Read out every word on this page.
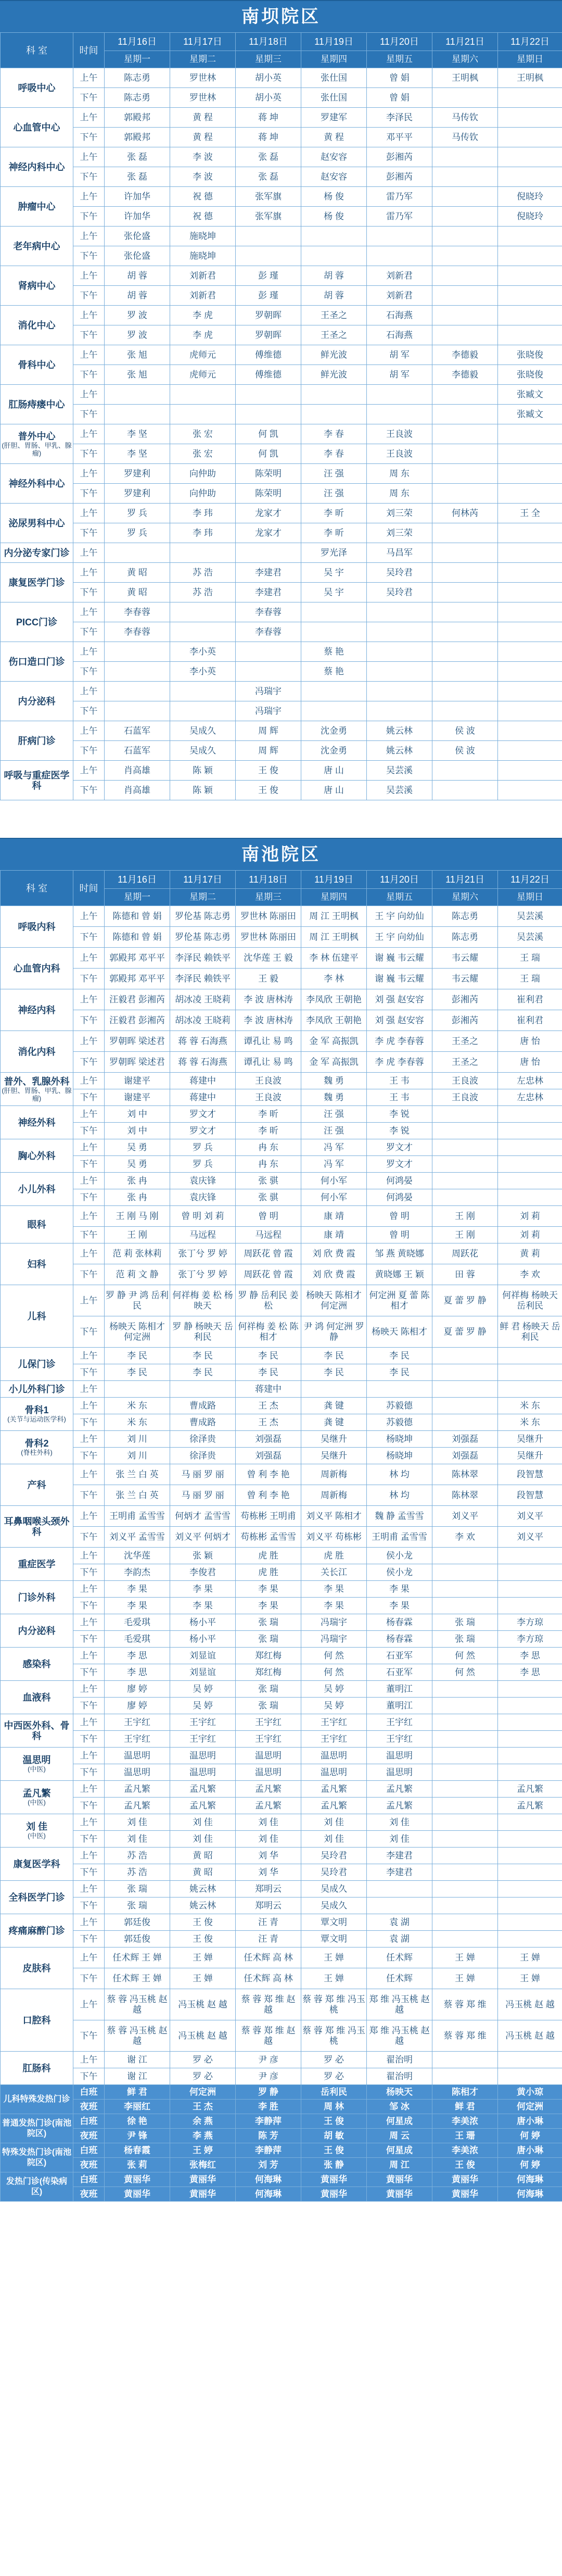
南坝院区
科 室	时间	11月16日	11月17日	11月18日	11月19日	11月20日	11月21日	11月22日
		星期一	星期二	星期三	星期四	星期五	星期六	星期日
呼吸中心	上午	陈志勇	罗世林	胡小英	张仕国	曾 娟	王明枫	王明枫
	下午	陈志勇	罗世林	胡小英	张仕国	曾 娟		
心血管中心	上午	郭殿邦	黄 程	蒋 坤	罗建军	李泽民	马传钦	
	下午	郭殿邦	黄 程	蒋 坤	黄 程	邓平平	马传钦	
神经内科中心	上午	张 磊	李 波	张 磊	赵安容	彭湘芮		
	下午	张 磊	李 波	张 磊	赵安容	彭湘芮		
肿瘤中心	上午	许加华	祝 德	张军旗	杨 俊	雷乃军		倪晓玲
	下午	许加华	祝 德	张军旗	杨 俊	雷乃军		倪晓玲
老年病中心	上午	张伦盛	施晓坤					
	下午	张伦盛	施晓坤					
肾病中心	上午	胡 蓉	刘新君	彭 瑾	胡 蓉	刘新君		
	下午	胡 蓉	刘新君	彭 瑾	胡 蓉	刘新君		
消化中心	上午	罗 波	李 虎	罗朝晖	王圣之	石海燕		
	下午	罗 波	李 虎	罗朝晖	王圣之	石海燕		
骨科中心	上午	张 旭	虎师元	傅维德	鲜光波	胡 军	李德毅	张晓俊
	下午	张 旭	虎师元	傅维德	鲜光波	胡 军	李德毅	张晓俊
肛肠痔瘘中心	上午							张臧文
	下午							张臧文
普外中心
(肝胆、胃肠、甲乳、腺瘤)	上午	李 坚	张 宏	何 凯	李 春	王良波		
	下午	李 坚	张 宏	何 凯	李 春	王良波		
神经外科中心	上午	罗建利	向仲助	陈荣明	汪 强	周 东		
	下午	罗建利	向仲助	陈荣明	汪 强	周 东		
泌尿男科中心	上午	罗 兵	李 玮	龙家才	李 昕	刘三荣	何林芮	王 全
	下午	罗 兵	李 玮	龙家才	李 昕	刘三荣		
内分泌专家门诊	上午				罗光泽	马昌军		
康复医学门诊	上午	黄 昭	苏 浩	李建君	吴 宇	吴玲君		
	下午	黄 昭	苏 浩	李建君	吴 宇	吴玲君		
PICC门诊	上午	李春蓉		李春蓉				
	下午	李春蓉		李春蓉				
伤口造口门诊	上午		李小英		蔡 艳			
	下午		李小英		蔡 艳			
内分泌科	上午			冯瑞宇				
	下午			冯瑞宇				
肝病门诊	上午	石蓝军	吴成久	周 辉	沈金勇	姚云林	侯 波	
	下午	石蓝军	吴成久	周 辉	沈金勇	姚云林	侯 波	
呼吸与重症医学科	上午	肖高雄	陈 颖	王 俊	唐 山	吴芸溪		
	下午	肖高雄	陈 颖	王 俊	唐 山	吴芸溪		
南池院区
科 室	时间	11月16日	11月17日	11月18日	11月19日	11月20日	11月21日	11月22日
		星期一	星期二	星期三	星期四	星期五	星期六	星期日
呼吸内科	上午	陈德和 曾 娟	罗伦基 陈志勇	罗世林 陈丽田	周 江 王明枫	王 宇 向幼仙	陈志勇	吴芸溪
	下午	陈德和 曾 娟	罗伦基 陈志勇	罗世林 陈丽田	周 江 王明枫	王 宇 向幼仙	陈志勇	吴芸溪
心血管内科	上午	郭殿邦 邓平平	李泽民 赖铁平	沈华莲 王 毅	李 林 伍建平	谢 巍 韦云耀	韦云耀	王 瑞
	下午	郭殿邦 邓平平	李泽民 赖铁平	王 毅	李 林	谢 巍 韦云耀	韦云耀	王 瑞
神经内科	上午	汪毅君 彭湘芮	胡冰凌 王晓莉	李 波 唐林涛	李凤欣 王朝艳	刘 强 赵安容	彭湘芮	崔利君
	下午	汪毅君 彭湘芮	胡冰凌 王晓莉	李 波 唐林涛	李凤欣 王朝艳	刘 强 赵安容	彭湘芮	崔利君
消化内科	上午	罗朝晖 梁述君	蒋 蓉 石海燕	谭孔让 易 鸣	金 军 高振凯	李 虎 李春蓉	王圣之	唐 怡
	下午	罗朝晖 梁述君	蒋 蓉 石海燕	谭孔让 易 鸣	金 军 高振凯	李 虎 李春蓉	王圣之	唐 怡
普外、乳腺外科
(肝胆、胃肠、甲乳、腺瘤)	上午	谢建平	蒋建中	王良波	魏 勇	王 韦	王良波	左忠林
	下午	谢建平	蒋建中	王良波	魏 勇	王 韦	王良波	左忠林
神经外科	上午	刘 中	罗文才	李 昕	汪 强	李 锐		
	下午	刘 中	罗文才	李 昕	汪 强	李 锐		
胸心外科	上午	吴 勇	罗 兵	冉 东	冯 军	罗文才		
	下午	吴 勇	罗 兵	冉 东	冯 军	罗文才		
小儿外科	上午	张 冉	袁庆锋	张 骐	何小军	何鸿晏		
	下午	张 冉	袁庆锋	张 骐	何小军	何鸿晏		
眼科	上午	王 刚 马 刚	曾 明 刘 莉	曾 明	康 靖	曾 明	王 刚	刘 莉
	下午	王 刚	马远程	马远程	康 靖	曾 明	王 刚	刘 莉
妇科	上午	范 莉 张林莉	张丁兮 罗 婷	周跃花 曾 霞	刘 欣 费 霞	邹 燕 黄晓娜	周跃花	黄 莉
	下午	范 莉 文 静	张丁兮 罗 婷	周跃花 曾 霞	刘 欣 费 霞	黄晓娜 王 颖	田 蓉	李 欢
儿科	上午	罗 静 尹 鸿 岳利民	何祥梅 姜 松 杨映天	罗 静 岳利民 姜 松	杨映天 陈相才 何定洲	何定洲 夏 蕾 陈相才	夏 蕾 罗 静	何祥梅 杨映天 岳利民
	下午	杨映天 陈相才 何定洲	罗 静 杨映天 岳利民	何祥梅 姜 松 陈相才	尹 鸿 何定洲 罗 静	杨映天 陈相才	夏 蕾 罗 静	鲜 君 杨映天 岳利民
儿保门诊	上午	李 民	李 民	李 民	李 民	李 民		
	下午	李 民	李 民	李 民	李 民	李 民		
小儿外科门诊	上午			蒋建中				
骨科1
(关节与运动医学科)	上午	米 东	曹成路	王 杰	龚 键	苏毅德		米 东
	下午	米 东	曹成路	王 杰	龚 键	苏毅德		米 东
骨科2
(脊柱外科)	上午	刘 川	徐泽贵	刘强磊	吴继升	杨晓坤	刘强磊	吴继升
	下午	刘 川	徐泽贵	刘强磊	吴继升	杨晓坤	刘强磊	吴继升
产科	上午	张 兰 白 英	马 丽 罗 丽	曾 利 李 艳	周新梅	林 均	陈林翠	段智慧
	下午	张 兰 白 英	马 丽 罗 丽	曾 利 李 艳	周新梅	林 均	陈林翠	段智慧
耳鼻咽喉头颈外科	上午	王明甫 孟雪雪	何炳才 孟雪雪	苟栋彬 王明甫	刘义平 陈相才	魏 静 孟雪雪	刘义平	刘义平
	下午	刘义平 孟雪雪	刘义平 何炳才	苟栋彬 孟雪雪	刘义平 苟栋彬	王明甫 孟雪雪	李 欢	刘义平
重症医学	上午	沈华莲	张 颖	虎 胜	虎 胜	侯小龙		
	下午	李韵杰	李俊君	虎 胜	关长江	侯小龙		
门诊外科	上午	李 果	李 果	李 果	李 果	李 果		
	下午	李 果	李 果	李 果	李 果	李 果		
内分泌科	上午	毛爱琪	杨小平	张 瑞	冯瑞宇	杨春霖	张 瑞	李方琼
	下午	毛爱琪	杨小平	张 瑞	冯瑞宇	杨春霖	张 瑞	李方琼
感染科	上午	李 思	刘显谊	郑红梅	何 然	石亚军	何 然	李 思
	下午	李 思	刘显谊	郑红梅	何 然	石亚军	何 然	李 思
血液科	上午	廖 婷	吴 婷	张 瑞	吴 婷	董明江		
	下午	廖 婷	吴 婷	张 瑞	吴 婷	董明江		
中西医外科、骨科	上午	王宇红	王宇红	王宇红	王宇红	王宇红		
	下午	王宇红	王宇红	王宇红	王宇红	王宇红		
温思明
(中医)	上午	温思明	温思明	温思明	温思明	温思明		
	下午	温思明	温思明	温思明	温思明	温思明		
孟凡繁
(中医)	上午	孟凡繁	孟凡繁	孟凡繁	孟凡繁	孟凡繁		孟凡繁
	下午	孟凡繁	孟凡繁	孟凡繁	孟凡繁	孟凡繁		孟凡繁
刘 佳
(中医)	上午	刘 佳	刘 佳	刘 佳	刘 佳	刘 佳		
	下午	刘 佳	刘 佳	刘 佳	刘 佳	刘 佳		
康复医学科	上午	苏 浩	黄 昭	刘 华	吴玲君	李建君		
	下午	苏 浩	黄 昭	刘 华	吴玲君	李建君		
全科医学门诊	上午	张 瑞	姚云林	郑明云	吴成久			
	下午	张 瑞	姚云林	郑明云	吴成久			
疼痛麻醉门诊	上午	郭廷俊	王 俊	汪 青	覃文明	袁 湖		
	下午	郭廷俊	王 俊	汪 青	覃文明	袁 湖		
皮肤科	上午	任术辉 王 婵	王 婵	任术辉 高 林	王 婵	任术辉	王 婵	王 婵
	下午	任术辉 王 婵	王 婵	任术辉 高 林	王 婵	任术辉	王 婵	王 婵
口腔科	上午	蔡 蓉 冯玉桃 赵 越	冯玉桃 赵 越	蔡 蓉 郑 维 赵 越	蔡 蓉 郑 维 冯玉桃	郑 维 冯玉桃 赵 越	蔡 蓉 郑 维	冯玉桃 赵 越
	下午	蔡 蓉 冯玉桃 赵 越	冯玉桃 赵 越	蔡 蓉 郑 维 赵 越	蔡 蓉 郑 维 冯玉桃	郑 维 冯玉桃 赵 越	蔡 蓉 郑 维	冯玉桃 赵 越
肛肠科	上午	谢 江	罗 必	尹 彦	罗 必	翟治明		
	下午	谢 江	罗 必	尹 彦	罗 必	翟治明		
儿科特殊发热门诊	白班	鲜 君	何定洲	罗 静	岳利民	杨映天	陈相才	黄小琼
	夜班	李丽红	王 杰	李 胜	周 林	邹 冰	鲜 君	何定洲
普通发热门诊(南池院区)	白班	徐 艳	余 燕	李静萍	王 俊	何星成	李美浓	唐小琳
	夜班	尹 锋	李 燕	陈 芳	胡 敏	周 云	王 珊	何 婷
特殊发热门诊(南池院区)	白班	杨春霞	王 婷	李静萍	王 俊	何星成	李美浓	唐小琳
	夜班	张 莉	张梅红	刘 芳	张 静	周 江	王 俊	何 婷
发热门诊(传染病区)	白班	黄丽华	黄丽华	何海琳	黄丽华	黄丽华	黄丽华	何海琳
	夜班	黄丽华	黄丽华	何海琳	黄丽华	黄丽华	黄丽华	何海琳
